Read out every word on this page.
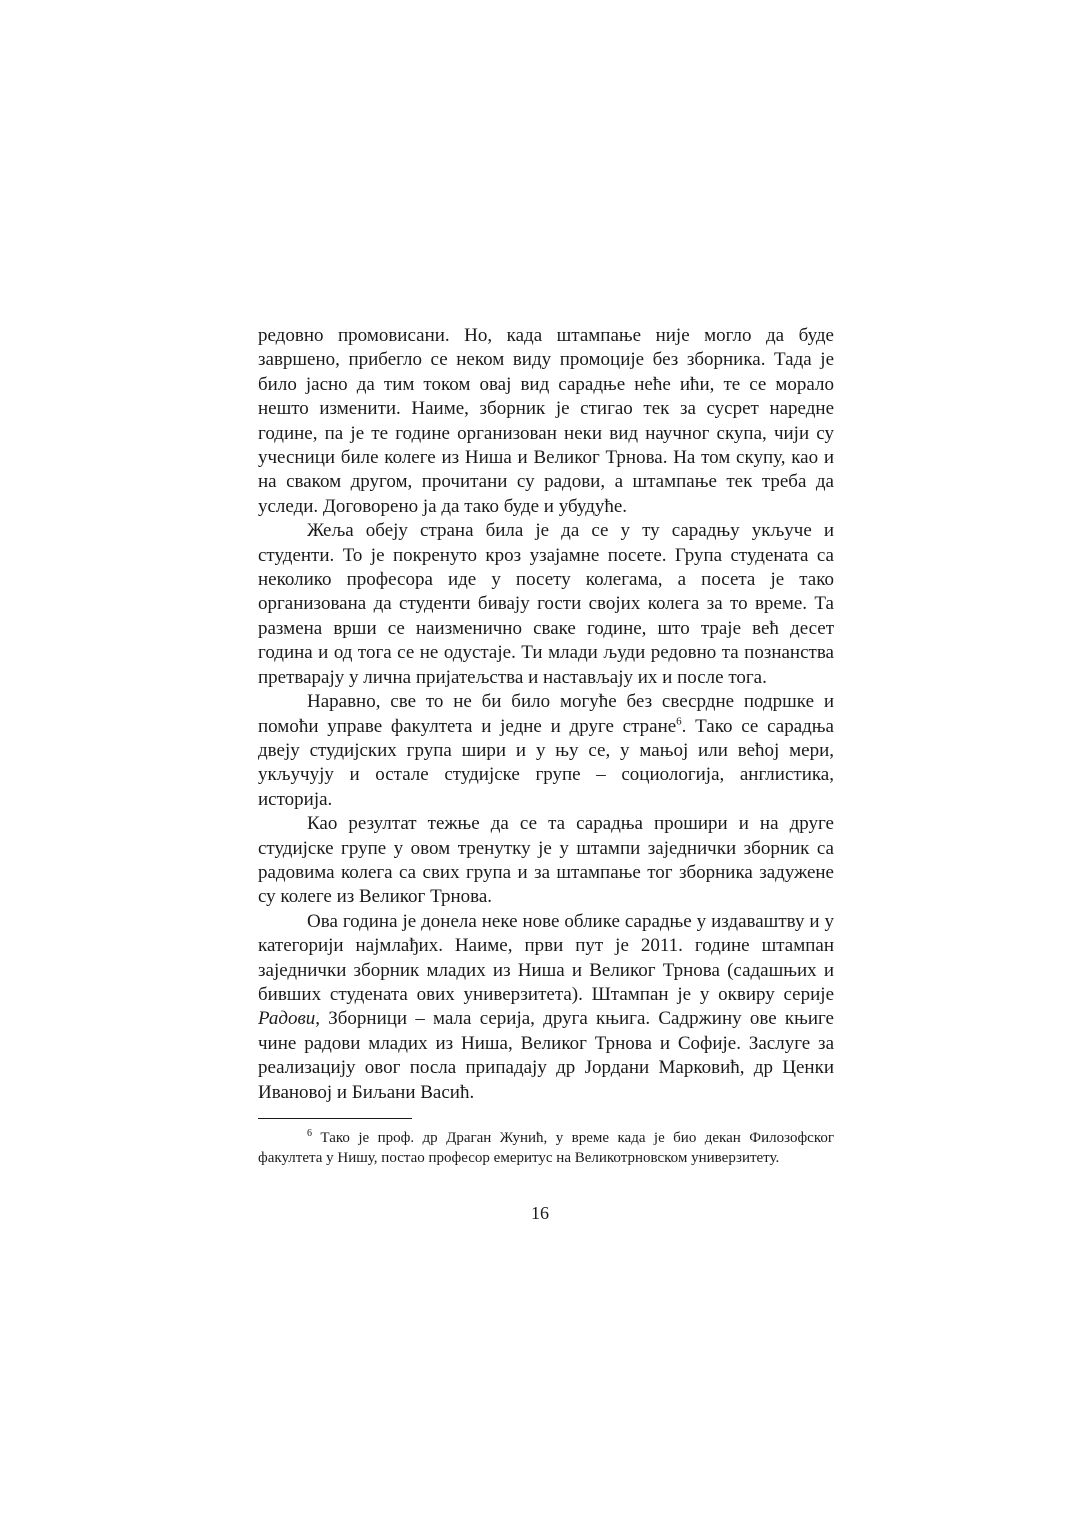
редовно промовисани. Но, када штампање није могло да буде завршено, прибегло се неком виду промоције без зборника. Тада је било јасно да тим током овај вид сарадње неће ићи, те се морало нешто изменити. Наиме, зборник је стигао тек за сусрет наредне године, па је те године организован неки вид научног скупа, чији су учесници биле колеге из Ниша и Великог Трнова. На том скупу, као и на сваком другом, прочитани су радови, а штампање тек треба да уследи. Договорено ја да тако буде и убудуће.

Жеља обеју страна била је да се у ту сарадњу укључе и студенти. То је покренуто кроз узајамне посете. Група студената са неколико професора иде у посету колегама, а посета је тако организована да студенти бивају гости својих колега за то време. Та размена врши се наизменично сваке године, што траје већ десет година и од тога се не одустаје. Ти млади људи редовно та познанства претварају у лична пријатељства и настављају их и после тога.

Наравно, све то не би било могуће без свесрдне подршке и помоћи управе факултета и једне и друге стране$^6$. Тако се сарадња двеју студијских група шири и у њу се, у мањој или већој мери, укључују и остале студијске групе – социологија, англистика, историја.

Као резултат тежње да се та сарадња прошири и на друге студијске групе у овом тренутку је у штампи заједнички зборник са радовима колега са свих група и за штампање тог зборника задужене су колеге из Великог Трнова.

Ова година је донела неке нове облике сарадње у издаваштву и у категорији најмлађих. Наиме, први пут је 2011. године штампан заједнички зборник младих из Ниша и Великог Трнова (садашњих и бивших студената ових универзитета). Штампан је у оквиру серије Радови, Зборници – мала серија, друга књига. Садржину ове књиге чине радови младих из Ниша, Великог Трнова и Софије. Заслуге за реализацију овог посла припадају др Јордани Марковић, др Ценки Ивановој и Биљани Васић.

$^6$ Тако је проф. др Драган Жунић, у време када је био декан Филозофског факултета у Нишу, постао професор емеритус на Великотрновском универзитету.

16
